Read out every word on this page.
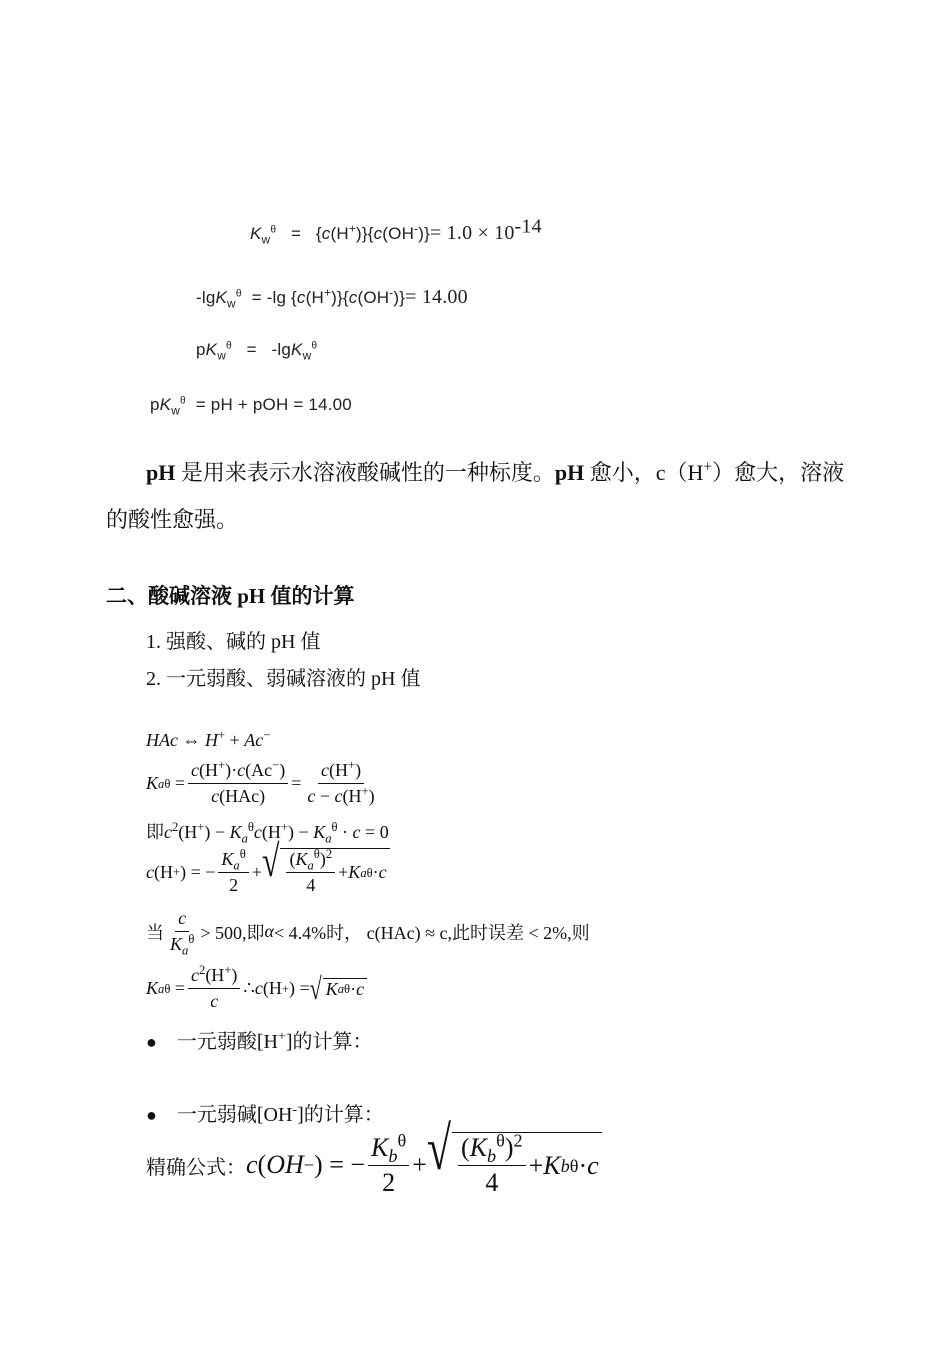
$K_w^\theta = \{c(H^+)\}\{c(OH^-)\}= 1.0 \times 10^{-14}$
-lgK$_w^\theta$  = -lg {c(H+)}{c(OH-)}= 14.00
$pK_w^\theta = -\lg K_w^\theta$
$pK_w^\theta$ = pH + pOH = 14.00
pH 是用来表示水溶液酸碱性的一种标度。pH 愈小，c（H+）愈大，溶液
的酸性愈强。
二、酸碱溶液 pH 值的计算
1. 强酸、碱的 pH 值
2. 一元弱酸、弱碱溶液的 pH 值
HAc ⇔ H+ + Ac−
K a $\theta = \frac{c(H^+)\cdot c(Ac^-)}{\text{c(HAc)}} = \frac{c(H^+)}{c - c(H^+)}$
即$c^2(H^+) - K_a^\theta c(H^+) - K_a^\theta \cdot c = 0$
c (H + ) = − $\frac{K_a^\theta}{2}$ + √ $\frac{(K_a^\theta)^2}{4} + K$ a θ · c
当 $\frac{c}{K_a^\theta} > 500$,即 α < 4.4%时，
c(HAc) ≈ c,此时误差 < 2%,则
K a $\theta = \frac{c^2(H^+)}{c}$ ∴ c (H + ) = √ K a θ · c
● 一元弱酸[H+]的计算：
● 一元弱碱[OH-]的计算：
精确公式： c ( OH − ) = − $\frac{K_b^\theta}{2}$ + √ $\frac{(K_b^\theta)^2}{4} + K$ b θ · c
